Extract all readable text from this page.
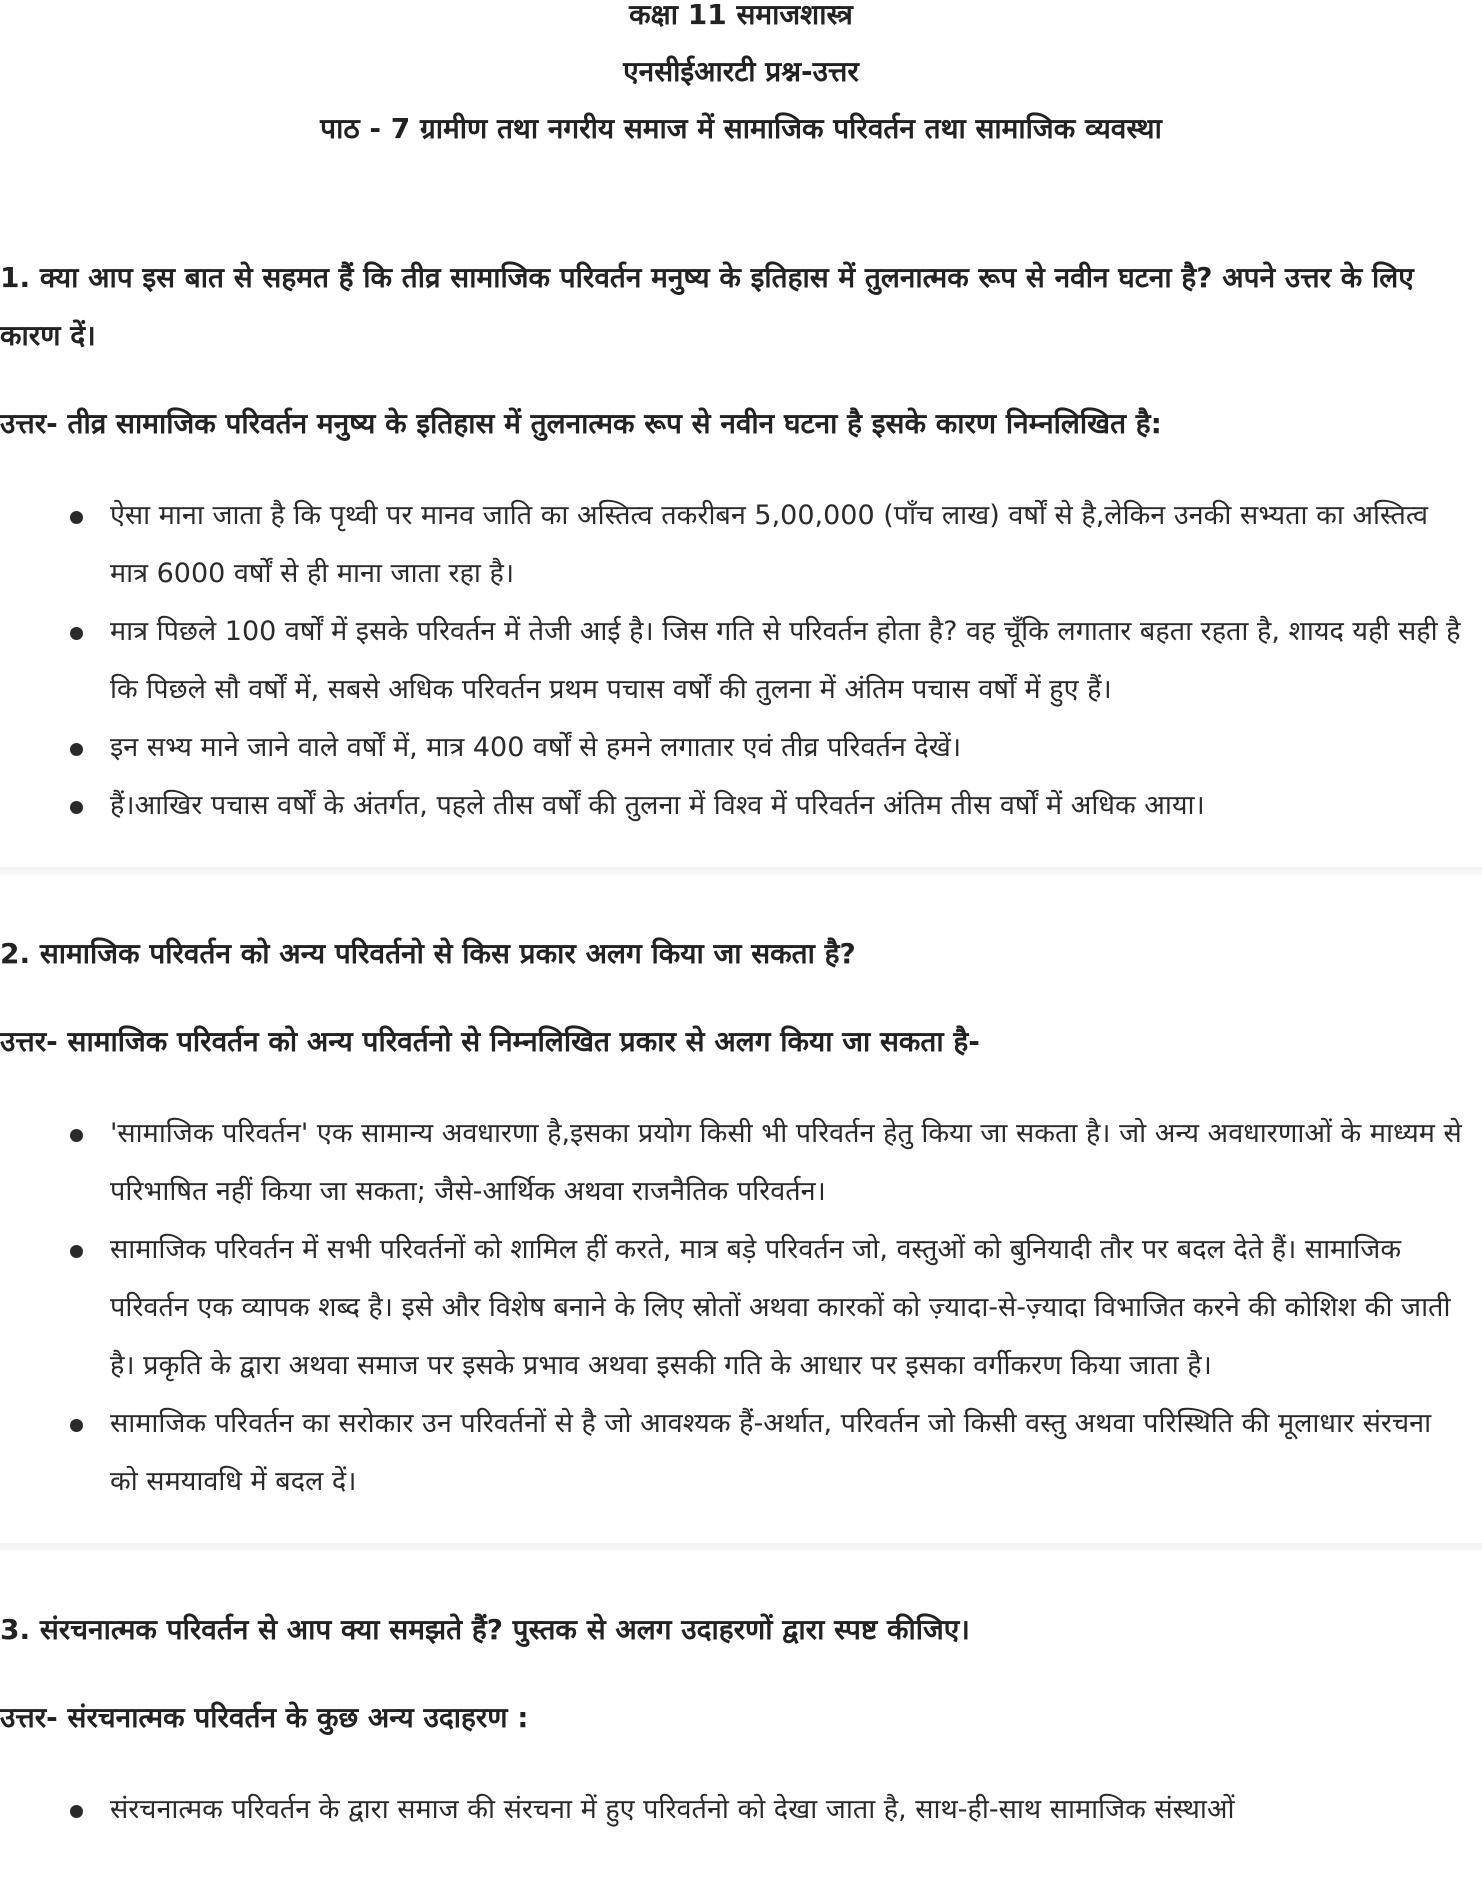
कक्षा 11 समाजशास्त्र
एनसीईआरटी प्रश्न-उत्तर
पाठ - 7 ग्रामीण तथा नगरीय समाज में सामाजिक परिवर्तन तथा सामाजिक व्यवस्था

1. क्या आप इस बात से सहमत हैं कि तीव्र सामाजिक परिवर्तन मनुष्य के इतिहास में तुलनात्मक रूप से नवीन घटना है? अपने उत्तर के लिए कारण दें।

उत्तर- तीव्र सामाजिक परिवर्तन मनुष्य के इतिहास में तुलनात्मक रूप से नवीन घटना है इसके कारण निम्नलिखित है:

ऐसा माना जाता है कि पृथ्वी पर मानव जाति का अस्तित्व तकरीबन 5,00,000 (पाँच लाख) वर्षों से है,लेकिन उनकी सभ्यता का अस्तित्व मात्र 6000 वर्षों से ही माना जाता रहा है।
मात्र पिछले 100 वर्षों में इसके परिवर्तन में तेजी आई है। जिस गति से परिवर्तन होता है? वह चूँकि लगातार बहता रहता है, शायद यही सही है कि पिछले सौ वर्षों में, सबसे अधिक परिवर्तन प्रथम पचास वर्षों की तुलना में अंतिम पचास वर्षों में हुए हैं।
इन सभ्य माने जाने वाले वर्षों में, मात्र 400 वर्षों से हमने लगातार एवं तीव्र परिवर्तन देखें।
हैं।आखिर पचास वर्षों के अंतर्गत, पहले तीस वर्षों की तुलना में विश्व में परिवर्तन अंतिम तीस वर्षों में अधिक आया।

2. सामाजिक परिवर्तन को अन्य परिवर्तनो से किस प्रकार अलग किया जा सकता है?

उत्तर- सामाजिक परिवर्तन को अन्य परिवर्तनो से निम्नलिखित प्रकार से अलग किया जा सकता है-

'सामाजिक परिवर्तन' एक सामान्य अवधारणा है,इसका प्रयोग किसी भी परिवर्तन हेतु किया जा सकता है। जो अन्य अवधारणाओं के माध्यम से परिभाषित नहीं किया जा सकता; जैसे-आर्थिक अथवा राजनैतिक परिवर्तन।
सामाजिक परिवर्तन में सभी परिवर्तनों को शामिल हीं करते, मात्र बड़े परिवर्तन जो, वस्तुओं को बुनियादी तौर पर बदल देते हैं। सामाजिक परिवर्तन एक व्यापक शब्द है। इसे और विशेष बनाने के लिए स्रोतों अथवा कारकों को ज़्यादा-से-ज़्यादा विभाजित करने की कोशिश की जाती है। प्रकृति के द्वारा अथवा समाज पर इसके प्रभाव अथवा इसकी गति के आधार पर इसका वर्गीकरण किया जाता है।
सामाजिक परिवर्तन का सरोकार उन परिवर्तनों से है जो आवश्यक हैं-अर्थात, परिवर्तन जो किसी वस्तु अथवा परिस्थिति की मूलाधार संरचना को समयावधि में बदल दें।

3. संरचनात्मक परिवर्तन से आप क्या समझते हैं? पुस्तक से अलग उदाहरणों द्वारा स्पष्ट कीजिए।

उत्तर- संरचनात्मक परिवर्तन के कुछ अन्य उदाहरण :

संरचनात्मक परिवर्तन के द्वारा समाज की संरचना में हुए परिवर्तनो को देखा जाता है, साथ-ही-साथ सामाजिक संस्थाओं
